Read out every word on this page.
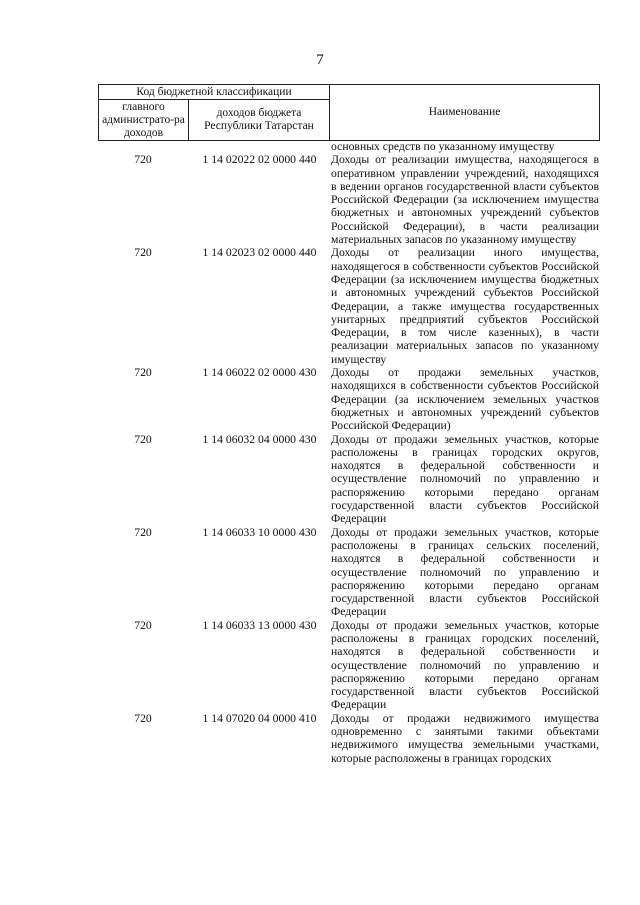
7
Код бюджетной классификации		Наименование
главного администрато-ра доходов	доходов бюджета Республики Татарстан	
основных средств по указанному имуществу
720	1 14 02022 02 0000 440	Доходы от реализации имущества, находящегося в оперативном управлении учреждений, находящихся в ведении органов государственной власти субъектов Российской Федерации (за исключением имущества бюджетных и автономных учреждений субъектов Российской Федерации), в части реализации материальных запасов по указанному имуществу
720	1 14 02023 02 0000 440	Доходы от реализации иного имущества, находящегося в собственности субъектов Российской Федерации (за исключением имущества бюджетных и автономных учреждений субъектов Российской Федерации, а также имущества государственных унитарных предприятий субъектов Российской Федерации, в том числе казенных), в части реализации материальных запасов по указанному имуществу
720	1 14 06022 02 0000 430	Доходы от продажи земельных участков, находящихся в собственности субъектов Российской Федерации (за исключением земельных участков бюджетных и автономных учреждений субъектов Российской Федерации)
720	1 14 06032 04 0000 430	Доходы от продажи земельных участков, которые расположены в границах городских округов, находятся в федеральной собственности и осуществление полномочий по управлению и распоряжению которыми передано органам государственной власти субъектов Российской Федерации
720	1 14 06033 10 0000 430	Доходы от продажи земельных участков, которые расположены в границах сельских поселений, находятся в федеральной собственности и осуществление полномочий по управлению и распоряжению которыми передано органам государственной власти субъектов Российской Федерации
720	1 14 06033 13 0000 430	Доходы от продажи земельных участков, которые расположены в границах городских поселений, находятся в федеральной собственности и осуществление полномочий по управлению и распоряжению которыми передано органам государственной власти субъектов Российской Федерации
720	1 14 07020 04 0000 410	Доходы от продажи недвижимого имущества одновременно с занятыми такими объектами недвижимого имущества земельными участками, которые расположены в границах городских
